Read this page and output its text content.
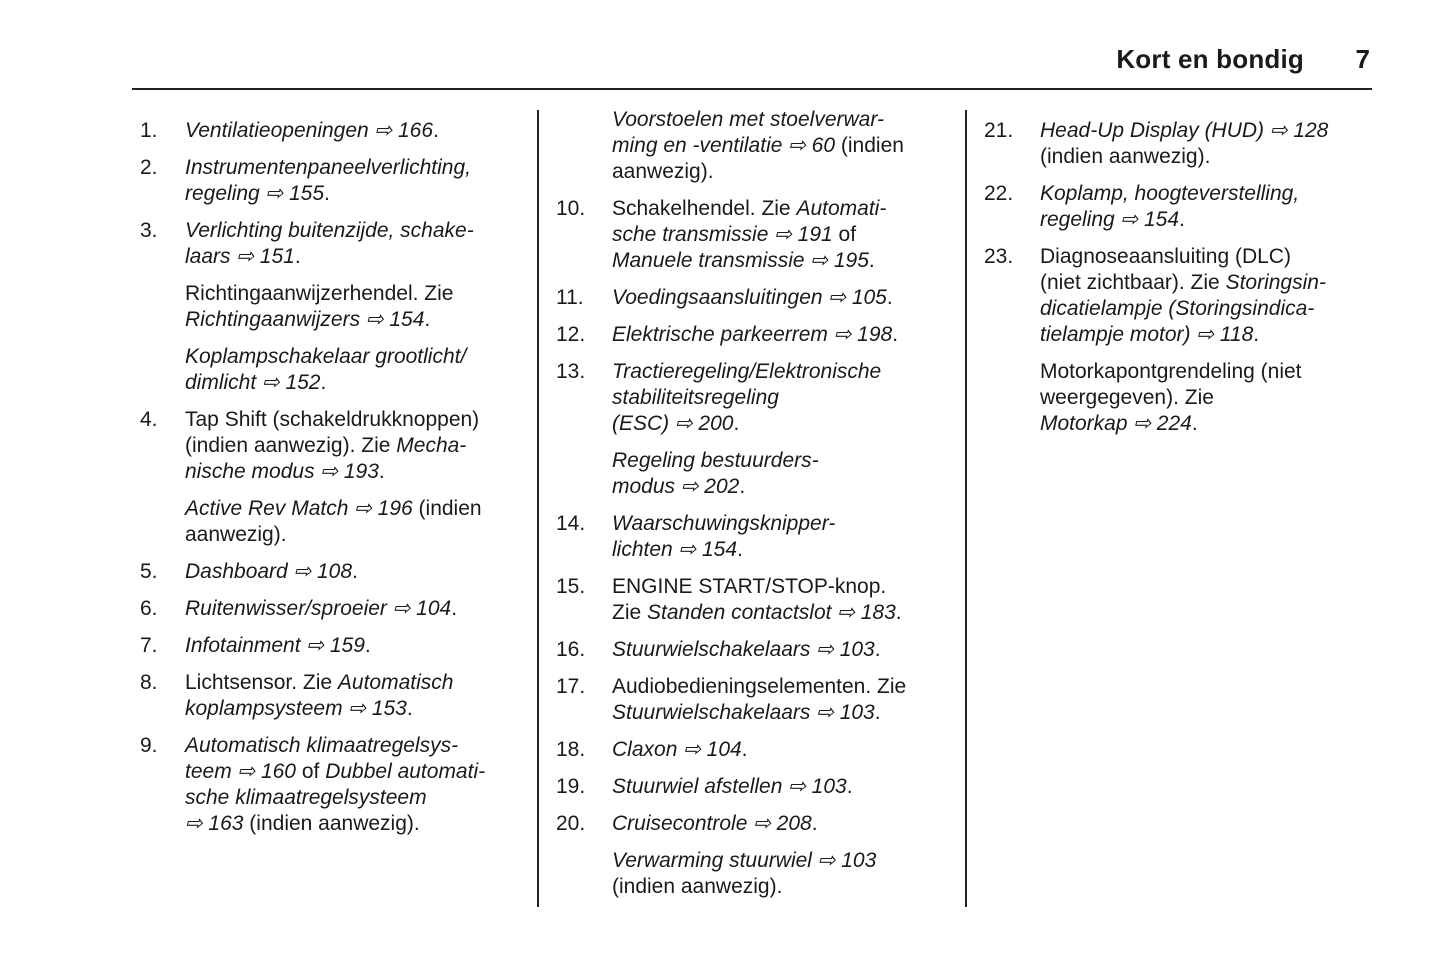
Kort en bondig 7
1.	Ventilatieopeningen ⇨ 166.
2.	Instrumentenpaneelverlichting,
regeling ⇨ 155.
3.	Verlichting buitenzijde, schake-
laars ⇨ 151.
Richtingaanwijzerhendel. Zie
Richtingaanwijzers ⇨ 154.
Koplampschakelaar grootlicht/
dimlicht ⇨ 152.
4.	Tap Shift (schakeldrukknoppen)
(indien aanwezig). Zie Mecha-
nische modus ⇨ 193.
Active Rev Match ⇨ 196 (indien
aanwezig).
5.	Dashboard ⇨ 108.
6.	Ruitenwisser/sproeier ⇨ 104.
7.	Infotainment ⇨ 159.
8.	Lichtsensor. Zie Automatisch
koplampsysteem ⇨ 153.
9.	Automatisch klimaatregelsys-
teem ⇨ 160 of Dubbel automati-
sche klimaatregelsysteem
⇨ 163 (indien aanwezig).
Voorstoelen met stoelverwar-
ming en -ventilatie ⇨ 60 (indien
aanwezig).
10.	Schakelhendel. Zie Automati-
sche transmissie ⇨ 191 of
Manuele transmissie ⇨ 195.
11.	Voedingsaansluitingen ⇨ 105.
12.	Elektrische parkeerrem ⇨ 198.
13.	Tractieregeling/Elektronische
stabiliteitsregeling
(ESC) ⇨ 200.
Regeling bestuurders-
modus ⇨ 202.
14.	Waarschuwingsknipper-
lichten ⇨ 154.
15.	ENGINE START/STOP-knop.
Zie Standen contactslot ⇨ 183.
16.	Stuurwielschakelaars ⇨ 103.
17.	Audiobedieningselementen. Zie
Stuurwielschakelaars ⇨ 103.
18.	Claxon ⇨ 104.
19.	Stuurwiel afstellen ⇨ 103.
20.	Cruisecontrole ⇨ 208.
Verwarming stuurwiel ⇨ 103
(indien aanwezig).
21.	Head-Up Display (HUD) ⇨ 128
(indien aanwezig).
22.	Koplamp, hoogteverstelling,
regeling ⇨ 154.
23.	Diagnoseaansluiting (DLC)
(niet zichtbaar). Zie Storingsin-
dicatielampje (Storingsindica-
tielampje motor) ⇨ 118.
Motorkapontgrendeling (niet
weergegeven). Zie
Motorkap ⇨ 224.
